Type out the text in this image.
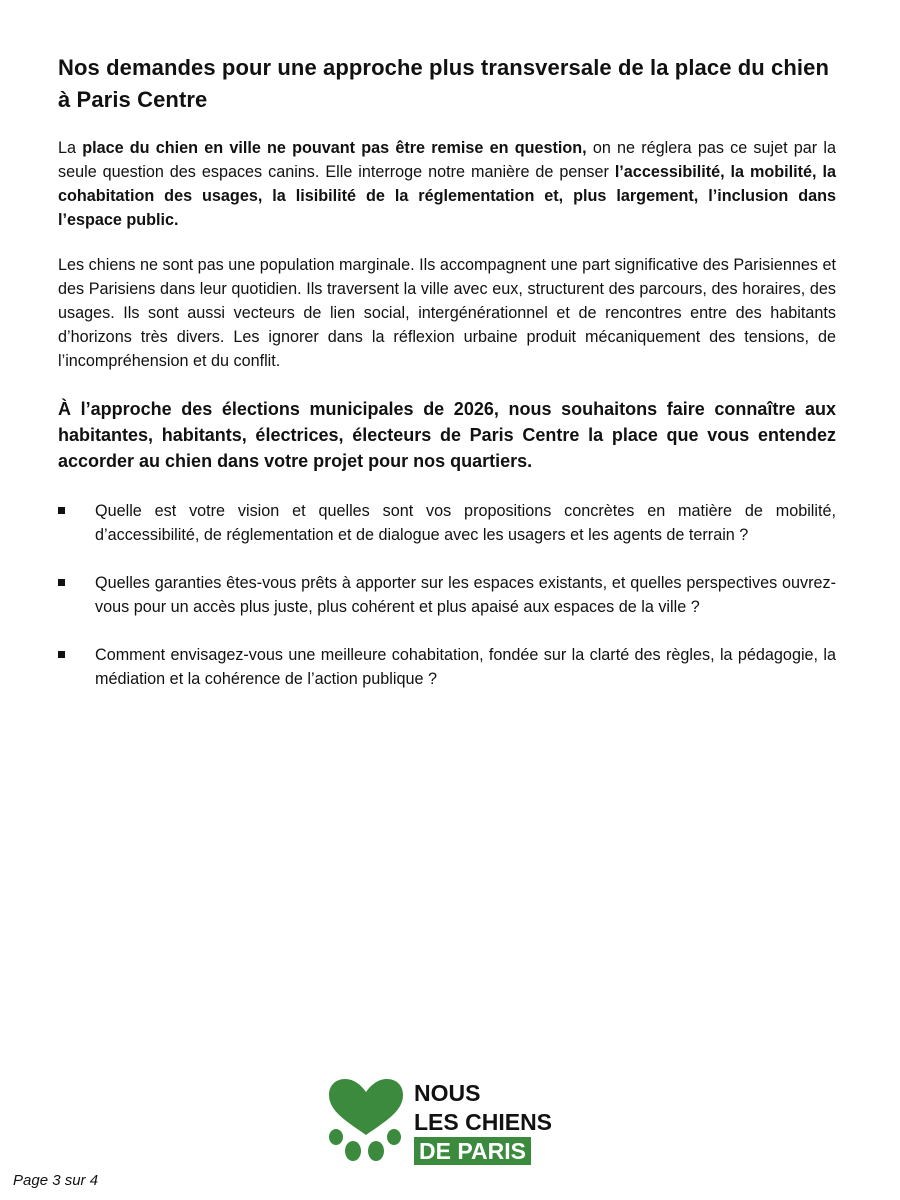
Nos demandes pour une approche plus transversale de la place du chien à Paris Centre

La place du chien en ville ne pouvant pas être remise en question, on ne réglera pas ce sujet par la seule question des espaces canins. Elle interroge notre manière de penser l’accessibilité, la mobilité, la cohabitation des usages, la lisibilité de la réglementation et, plus largement, l’inclusion dans l’espace public.

Les chiens ne sont pas une population marginale. Ils accompagnent une part significative des Parisiennes et des Parisiens dans leur quotidien. Ils traversent la ville avec eux, structurent des parcours, des horaires, des usages. Ils sont aussi vecteurs de lien social, intergénérationnel et de rencontres entre des habitants d’horizons très divers. Les ignorer dans la réflexion urbaine produit mécaniquement des tensions, de l’incompréhension et du conflit.

À l’approche des élections municipales de 2026, nous souhaitons faire connaître aux habitantes, habitants, électrices, électeurs de Paris Centre la place que vous entendez accorder au chien dans votre projet pour nos quartiers.

Quelle est votre vision et quelles sont vos propositions concrètes en matière de mobilité, d’accessibilité, de réglementation et de dialogue avec les usagers et les agents de terrain ?
Quelles garanties êtes-vous prêts à apporter sur les espaces existants, et quelles perspectives ouvrez-vous pour un accès plus juste, plus cohérent et plus apaisé aux espaces de la ville ?
Comment envisagez-vous une meilleure cohabitation, fondée sur la clarté des règles, la pédagogie, la médiation et la cohérence de l’action publique ?
NOUS
LES CHIENS
DE PARIS
Page 3 sur 4
